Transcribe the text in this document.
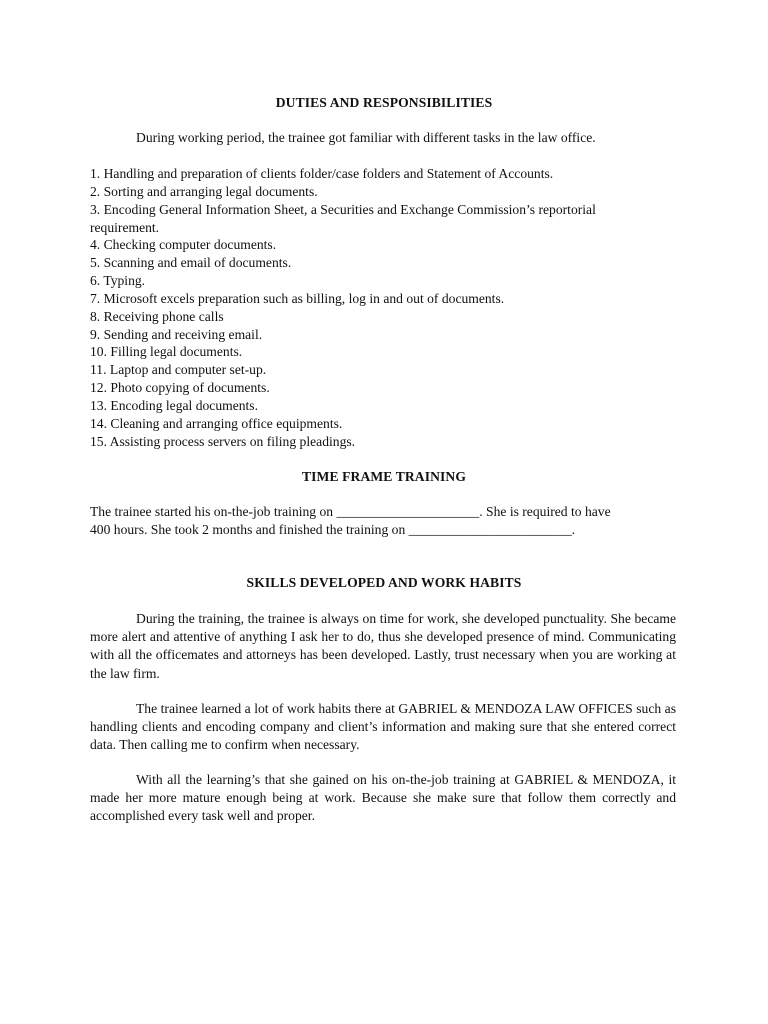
DUTIES AND RESPONSIBILITIES

During working period, the trainee got familiar with different tasks in the law office.

1. Handling and preparation of clients folder/case folders and Statement of Accounts.
2. Sorting and arranging legal documents.
3. Encoding General Information Sheet, a Securities and Exchange Commission’s reportorial requirement.
4. Checking computer documents.
5. Scanning and email of documents.
6. Typing.
7. Microsoft excels preparation such as billing, log in and out of documents.
8. Receiving phone calls
9. Sending and receiving email.
10. Filling legal documents.
11. Laptop and computer set-up.
12. Photo copying of documents.
13. Encoding legal documents.
14. Cleaning and arranging office equipments.
15. Assisting process servers on filing pleadings.
TIME FRAME TRAINING
The trainee started his on-the-job training on _____________________. She is required to have
400 hours. She took 2 months and finished the training on ________________________.
SKILLS DEVELOPED AND WORK HABITS

During the training, the trainee is always on time for work, she developed punctuality. She became more alert and attentive of anything I ask her to do, thus she developed presence of mind. Communicating with all the officemates and attorneys has been developed. Lastly, trust necessary when you are working at the law firm.

The trainee learned a lot of work habits there at GABRIEL & MENDOZA LAW OFFICES such as handling clients and encoding company and client’s information and making sure that she entered correct data. Then calling me to confirm when necessary.

With all the learning’s that she gained on his on-the-job training at GABRIEL & MENDOZA, it made her more mature enough being at work. Because she make sure that follow them correctly and accomplished every task well and proper.
